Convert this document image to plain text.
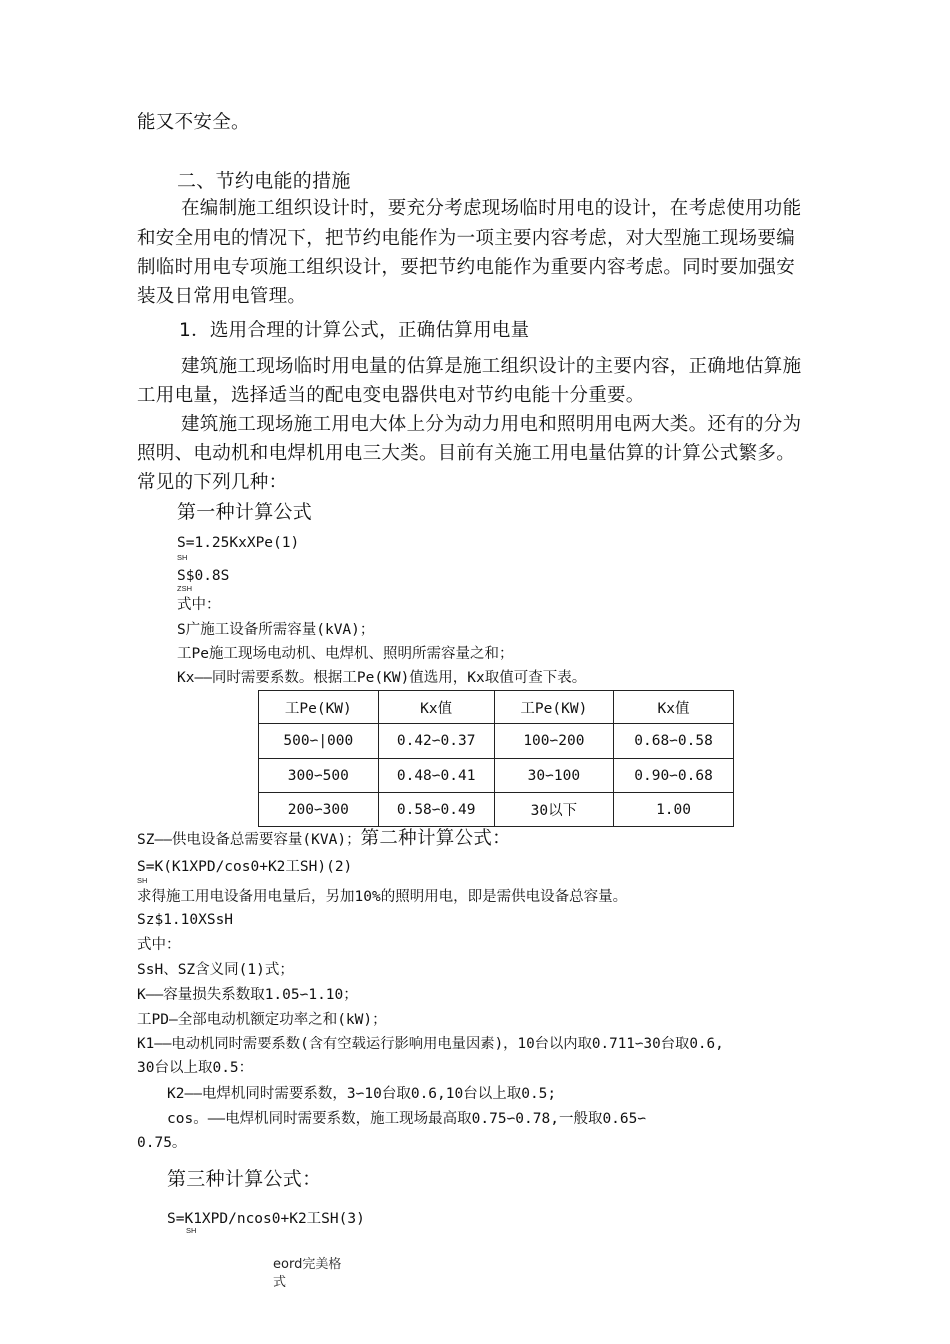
能又不安全。
二、节约电能的措施
在编制施工组织设计时，要充分考虑现场临时用电的设计，在考虑使用功能
和安全用电的情况下，把节约电能作为一项主要内容考虑，对大型施工现场要编
制临时用电专项施工组织设计，要把节约电能作为重要内容考虑。同时要加强安
装及日常用电管理。
1．选用合理的计算公式，正确估算用电量
建筑施工现场临时用电量的估算是施工组织设计的主要内容，正确地估算施
工用电量，选择适当的配电变电器供电对节约电能十分重要。
建筑施工现场施工用电大体上分为动力用电和照明用电两大类。还有的分为
照明、电动机和电焊机用电三大类。目前有关施工用电量估算的计算公式繁多。
常见的下列几种：
第一种计算公式
S=1.25KxXPe(1)
SH
S$0.8S
ZSH
式中：
S广施工设备所需容量(kVA)；
工Pe施工现场电动机、电焊机、照明所需容量之和；
Kx——同时需要系数。根据工Pe(KW)值选用，Kx取值可查下表。
工Pe(KW)	Kx值	工Pe(KW)	Kx值
500∽|000	0.42∽0.37	100∽200	0.68∽0.58
300∽500	0.48∽0.41	30∽100	0.90∽0.68
200∽300	0.58∽0.49	30以下	1.00
SZ——供电设备总需要容量(KVA)；第二种计算公式：
S=K(K1XPD/cos0+K2工SH)(2)
SH
求得施工用电设备用电量后，另加10%的照明用电，即是需供电设备总容量。
Sz$1.10XSsH
式中：
SsH、SZ含义同(1)式；
K——容量损失系数取1.05∽1.10；
工PD—全部电动机额定功率之和(kW)；
K1——电动机同时需要系数(含有空载运行影响用电量因素)，10台以内取0.711∽30台取0.6,
30台以上取0.5：
K2——电焊机同时需要系数，3∽10台取0.6,10台以上取0.5;
cos。——电焊机同时需要系数，施工现场最高取0.75∽0.78,一般取0.65∽
0.75。
第三种计算公式：
S=K1XPD/ncos0+K2工SH(3)
SH
eord完美格
式
